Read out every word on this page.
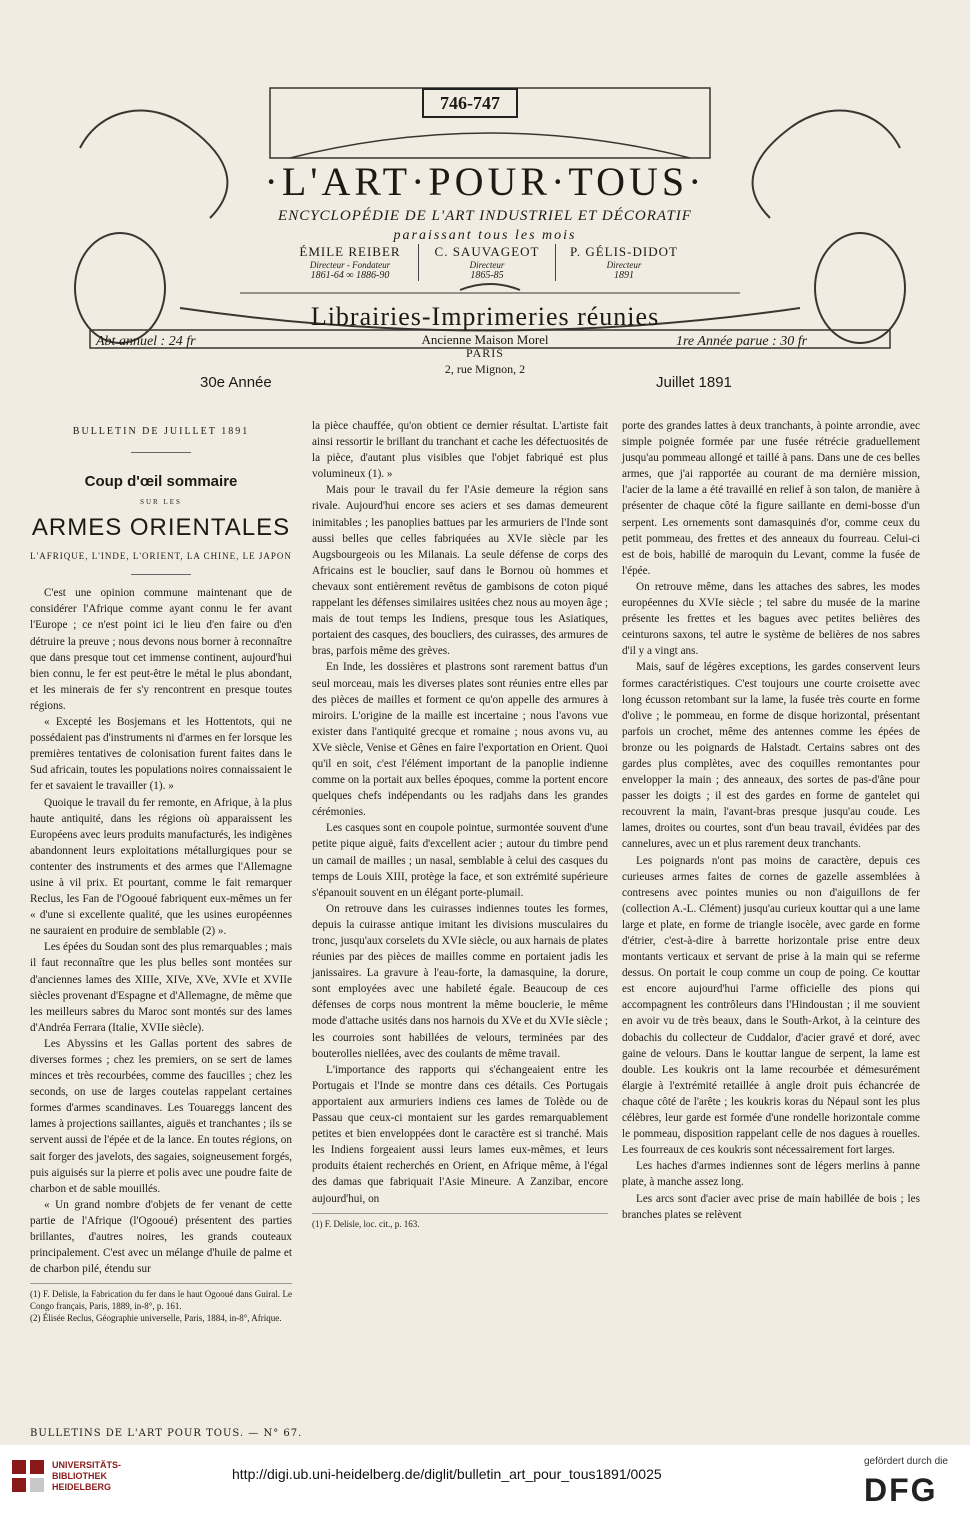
746-747
·L'ART·POUR·TOUS·
ENCYCLOPÉDIE DE L'ART INDUSTRIEL ET DÉCORATIF
paraissant tous les mois
ÉMILE REIBER
Directeur - Fondateur
1861-64 ∞ 1886-90
C. SAUVAGEOT
Directeur
1865-85
P. GÉLIS-DIDOT
Directeur
1891
Librairies-Imprimeries réunies
Ancienne Maison Morel
PARIS
2, rue Mignon, 2
Abt annuel : 24 fr	1re Année parue : 30 fr
30e Année	Juillet 1891
BULLETIN DE JUILLET 1891
Coup d'œil sommaire
SUR LES
ARMES ORIENTALES
L'AFRIQUE, L'INDE, L'ORIENT, LA CHINE, LE JAPON

C'est une opinion commune maintenant que de considérer l'Afrique comme ayant connu le fer avant l'Europe ; ce n'est point ici le lieu d'en faire ou d'en détruire la preuve ; nous devons nous borner à reconnaître que dans presque tout cet immense continent, aujourd'hui bien connu, le fer est peut-être le métal le plus abondant, et les minerais de fer s'y rencontrent en presque toutes régions.

« Excepté les Bosjemans et les Hottentots, qui ne possédaient pas d'instruments ni d'armes en fer lorsque les premières tentatives de colonisation furent faites dans le Sud africain, toutes les populations noires connaissaient le fer et savaient le travailler (1). »

Quoique le travail du fer remonte, en Afrique, à la plus haute antiquité, dans les régions où apparaissent les Européens avec leurs produits manufacturés, les indigènes abandonnent leurs exploitations métallurgiques pour se contenter des instruments et des armes que l'Allemagne usine à vil prix. Et pourtant, comme le fait remarquer Reclus, les Fan de l'Ogooué fabriquent eux-mêmes un fer « d'une si excellente qualité, que les usines européennes ne sauraient en produire de semblable (2) ».

Les épées du Soudan sont des plus remarquables ; mais il faut reconnaître que les plus belles sont montées sur d'anciennes lames des XIIIe, XIVe, XVe, XVIe et XVIIe siècles provenant d'Espagne et d'Allemagne, de même que les meilleurs sabres du Maroc sont montés sur des lames d'Andréa Ferrara (Italie, XVIIe siècle).

Les Abyssins et les Gallas portent des sabres de diverses formes ; chez les premiers, on se sert de lames minces et très recourbées, comme des faucilles ; chez les seconds, on use de larges coutelas rappelant certaines formes d'armes scandinaves. Les Touareggs lancent des lames à projections saillantes, aiguës et tranchantes ; ils se servent aussi de l'épée et de la lance. En toutes régions, on sait forger des javelots, des sagaies, soigneusement forgés, puis aiguisés sur la pierre et polis avec une poudre faite de charbon et de sable mouillés.

« Un grand nombre d'objets de fer venant de cette partie de l'Afrique (l'Ogooué) présentent des parties brillantes, d'autres noires, les grands couteaux principalement. C'est avec un mélange d'huile de palme et de charbon pilé, étendu sur

(1) F. Delisle, la Fabrication du fer dans le haut Ogooué dans Guiral. Le Congo français, Paris, 1889, in-8°, p. 161.

(2) Élisée Reclus, Géographie universelle, Paris, 1884, in-8°, Afrique.

la pièce chauffée, qu'on obtient ce dernier résultat. L'artiste fait ainsi ressortir le brillant du tranchant et cache les défectuosités de la pièce, d'autant plus visibles que l'objet fabriqué est plus volumineux (1). »

Mais pour le travail du fer l'Asie demeure la région sans rivale. Aujourd'hui encore ses aciers et ses damas demeurent inimitables ; les panoplies battues par les armuriers de l'Inde sont aussi belles que celles fabriquées au XVIe siècle par les Augsbourgeois ou les Milanais. La seule défense de corps des Africains est le bouclier, sauf dans le Bornou où hommes et chevaux sont entièrement revêtus de gambisons de coton piqué rappelant les défenses similaires usitées chez nous au moyen âge ; mais de tout temps les Indiens, presque tous les Asiatiques, portaient des casques, des boucliers, des cuirasses, des armures de bras, parfois même des grèves.

En Inde, les dossières et plastrons sont rarement battus d'un seul morceau, mais les diverses plates sont réunies entre elles par des pièces de mailles et forment ce qu'on appelle des armures à miroirs. L'origine de la maille est incertaine ; nous l'avons vue exister dans l'antiquité grecque et romaine ; nous avons vu, au XVe siècle, Venise et Gênes en faire l'exportation en Orient. Quoi qu'il en soit, c'est l'élément important de la panoplie indienne comme on la portait aux belles époques, comme la portent encore quelques chefs indépendants ou les radjahs dans les grandes cérémonies.

Les casques sont en coupole pointue, surmontée souvent d'une petite pique aiguë, faits d'excellent acier ; autour du timbre pend un camail de mailles ; un nasal, semblable à celui des casques du temps de Louis XIII, protège la face, et son extrémité supérieure s'épanouit souvent en un élégant porte-plumail.

On retrouve dans les cuirasses indiennes toutes les formes, depuis la cuirasse antique imitant les divisions musculaires du tronc, jusqu'aux corselets du XVIe siècle, ou aux harnais de plates réunies par des pièces de mailles comme en portaient jadis les janissaires. La gravure à l'eau-forte, la damasquine, la dorure, sont employées avec une habileté égale. Beaucoup de ces défenses de corps nous montrent la même bouclerie, le même mode d'attache usités dans nos harnois du XVe et du XVIe siècle ; les courroies sont habillées de velours, terminées par des bouterolles niellées, avec des coulants de même travail.

L'importance des rapports qui s'échangeaient entre les Portugais et l'Inde se montre dans ces détails. Ces Portugais apportaient aux armuriers indiens ces lames de Tolède ou de Passau que ceux-ci montaient sur les gardes remarquablement petites et bien enveloppées dont le caractère est si tranché. Mais les Indiens forgeaient aussi leurs lames eux-mêmes, et leurs produits étaient recherchés en Orient, en Afrique même, à l'égal des damas que fabriquait l'Asie Mineure. A Zanzibar, encore aujourd'hui, on

(1) F. Delisle, loc. cit., p. 163.

porte des grandes lattes à deux tranchants, à pointe arrondie, avec simple poignée formée par une fusée rétrécie graduellement jusqu'au pommeau allongé et taillé à pans. Dans une de ces belles armes, que j'ai rapportée au courant de ma dernière mission, l'acier de la lame a été travaillé en relief à son talon, de manière à présenter de chaque côté la figure saillante en demi-bosse d'un serpent. Les ornements sont damasquinés d'or, comme ceux du petit pommeau, des frettes et des anneaux du fourreau. Celui-ci est de bois, habillé de maroquin du Levant, comme la fusée de l'épée.

On retrouve même, dans les attaches des sabres, les modes européennes du XVIe siècle ; tel sabre du musée de la marine présente les frettes et les bagues avec petites belières des ceinturons saxons, tel autre le système de belières de nos sabres d'il y a vingt ans.

Mais, sauf de légères exceptions, les gardes conservent leurs formes caractéristiques. C'est toujours une courte croisette avec long écusson retombant sur la lame, la fusée très courte en forme d'olive ; le pommeau, en forme de disque horizontal, présentant parfois un crochet, même des antennes comme les épées de bronze ou les poignards de Halstadt. Certains sabres ont des gardes plus complètes, avec des coquilles remontantes pour envelopper la main ; des anneaux, des sortes de pas-d'âne pour passer les doigts ; il est des gardes en forme de gantelet qui recouvrent la main, l'avant-bras presque jusqu'au coude. Les lames, droites ou courtes, sont d'un beau travail, évidées par des cannelures, avec un et plus rarement deux tranchants.

Les poignards n'ont pas moins de caractère, depuis ces curieuses armes faites de cornes de gazelle assemblées à contresens avec pointes munies ou non d'aiguillons de fer (collection A.-L. Clément) jusqu'au curieux kouttar qui a une lame large et plate, en forme de triangle isocèle, avec garde en forme d'étrier, c'est-à-dire à barrette horizontale prise entre deux montants verticaux et servant de prise à la main qui se referme dessus. On portait le coup comme un coup de poing. Ce kouttar est encore aujourd'hui l'arme officielle des pions qui accompagnent les contrôleurs dans l'Hindoustan ; il me souvient en avoir vu de très beaux, dans le South-Arkot, à la ceinture des dobachis du collecteur de Cuddalor, d'acier gravé et doré, avec gaine de velours. Dans le kouttar langue de serpent, la lame est double. Les koukris ont la lame recourbée et démesurément élargie à l'extrémité retaillée à angle droit puis échancrée de chaque côté de l'arête ; les koukris koras du Népaul sont les plus célèbres, leur garde est formée d'une rondelle horizontale comme le pommeau, disposition rappelant celle de nos dagues à rouelles. Les fourreaux de ces koukris sont nécessairement fort larges.

Les haches d'armes indiennes sont de légers merlins à panne plate, à manche assez long.

Les arcs sont d'acier avec prise de main habillée de bois ; les branches plates se relèvent

BULLETINS DE L'ART POUR TOUS. — N° 67.
UNIVERSITÄTS-
BIBLIOTHEK
HEIDELBERG
http://digi.ub.uni-heidelberg.de/diglit/bulletin_art_pour_tous1891/0025
gefördert durch die
DFG
